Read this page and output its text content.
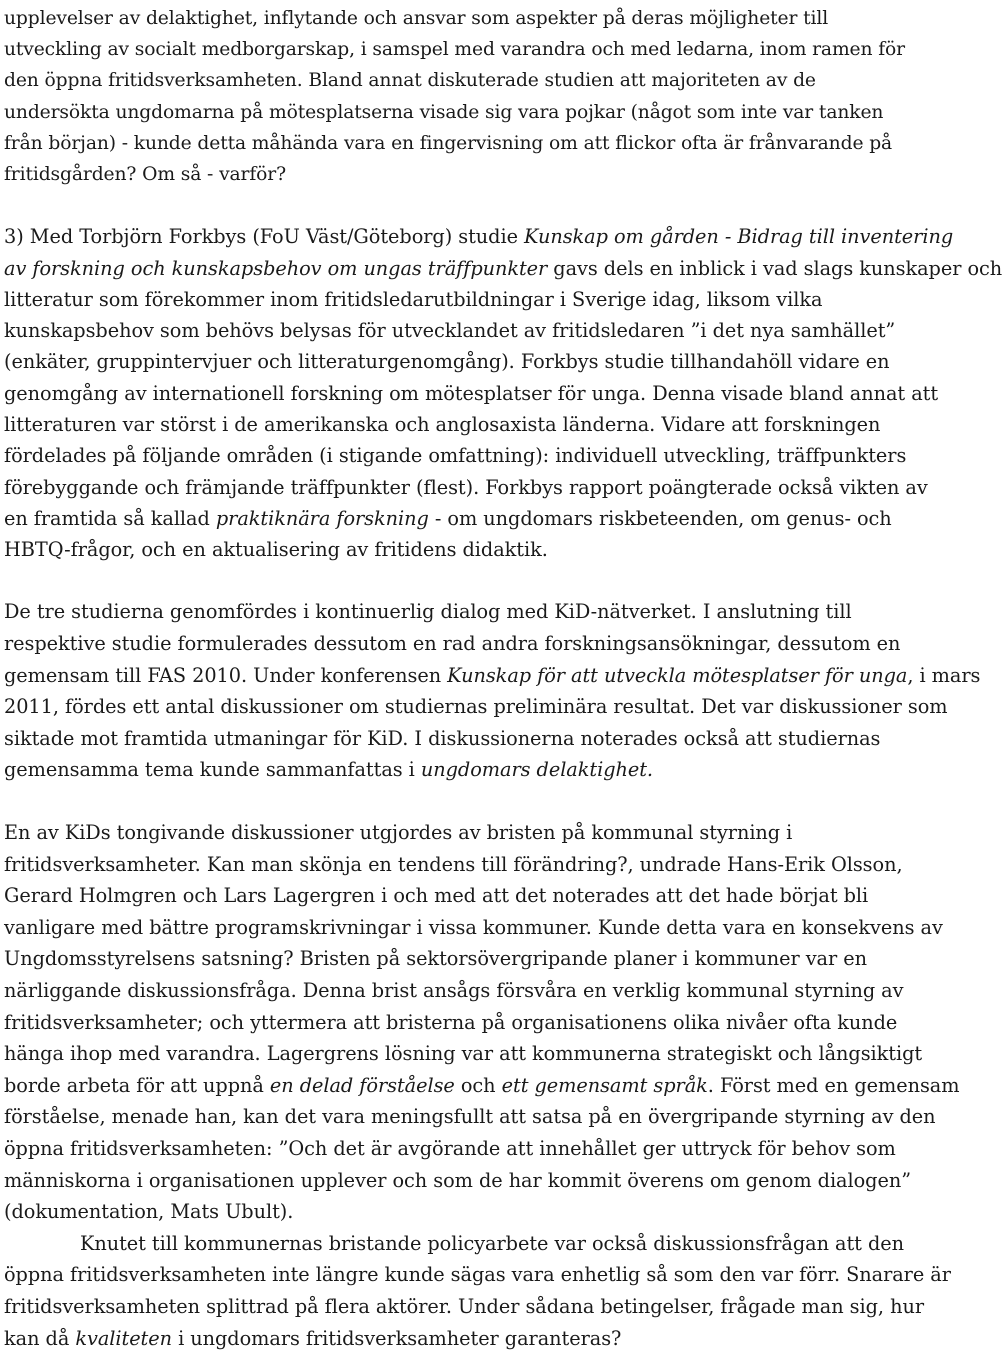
upplevelser av delaktighet, inflytande och ansvar som aspekter på deras möjligheter till
utveckling av socialt medborgarskap, i samspel med varandra och med ledarna, inom ramen för
den öppna fritidsverksamheten. Bland annat diskuterade studien att majoriteten av de
undersökta ungdomarna på mötesplatserna visade sig vara pojkar (något som inte var tanken
från början) - kunde detta måhända vara en fingervisning om att flickor ofta är frånvarande på
fritidsgården? Om så - varför?

3) Med Torbjörn Forkbys (FoU Väst/Göteborg) studie Kunskap om gården - Bidrag till inventering
av forskning och kunskapsbehov om ungas träffpunkter gavs dels en inblick i vad slags kunskaper och
litteratur som förekommer inom fritidsledarutbildningar i Sverige idag, liksom vilka
kunskapsbehov som behövs belysas för utvecklandet av fritidsledaren ”i det nya samhället”
(enkäter, gruppintervjuer och litteraturgenomgång). Forkbys studie tillhandahöll vidare en
genomgång av internationell forskning om mötesplatser för unga. Denna visade bland annat att
litteraturen var störst i de amerikanska och anglosaxista länderna. Vidare att forskningen
fördelades på följande områden (i stigande omfattning): individuell utveckling, träffpunkters
förebyggande och främjande träffpunkter (flest). Forkbys rapport poängterade också vikten av
en framtida så kallad praktiknära forskning - om ungdomars riskbeteenden, om genus- och
HBTQ-frågor, och en aktualisering av fritidens didaktik.

De tre studierna genomfördes i kontinuerlig dialog med KiD-nätverket. I anslutning till
respektive studie formulerades dessutom en rad andra forskningsansökningar, dessutom en
gemensam till FAS 2010. Under konferensen Kunskap för att utveckla mötesplatser för unga, i mars
2011, fördes ett antal diskussioner om studiernas preliminära resultat. Det var diskussioner som
siktade mot framtida utmaningar för KiD. I diskussionerna noterades också att studiernas
gemensamma tema kunde sammanfattas i ungdomars delaktighet.

En av KiDs tongivande diskussioner utgjordes av bristen på kommunal styrning i
fritidsverksamheter. Kan man skönja en tendens till förändring?, undrade Hans-Erik Olsson,
Gerard Holmgren och Lars Lagergren i och med att det noterades att det hade börjat bli
vanligare med bättre programskrivningar i vissa kommuner. Kunde detta vara en konsekvens av
Ungdomsstyrelsens satsning? Bristen på sektorsövergripande planer i kommuner var en
närliggande diskussionsfråga. Denna brist ansågs försvåra en verklig kommunal styrning av
fritidsverksamheter; och yttermera att bristerna på organisationens olika nivåer ofta kunde
hänga ihop med varandra. Lagergrens lösning var att kommunerna strategiskt och långsiktigt
borde arbeta för att uppnå en delad förståelse och ett gemensamt språk. Först med en gemensam
förståelse, menade han, kan det vara meningsfullt att satsa på en övergripande styrning av den
öppna fritidsverksamheten: ”Och det är avgörande att innehållet ger uttryck för behov som
människorna i organisationen upplever och som de har kommit överens om genom dialogen”
(dokumentation, Mats Ubult).

Knutet till kommunernas bristande policyarbete var också diskussionsfrågan att den
öppna fritidsverksamheten inte längre kunde sägas vara enhetlig så som den var förr. Snarare är
fritidsverksamheten splittrad på flera aktörer. Under sådana betingelser, frågade man sig, hur
kan då kvaliteten i ungdomars fritidsverksamheter garanteras?
